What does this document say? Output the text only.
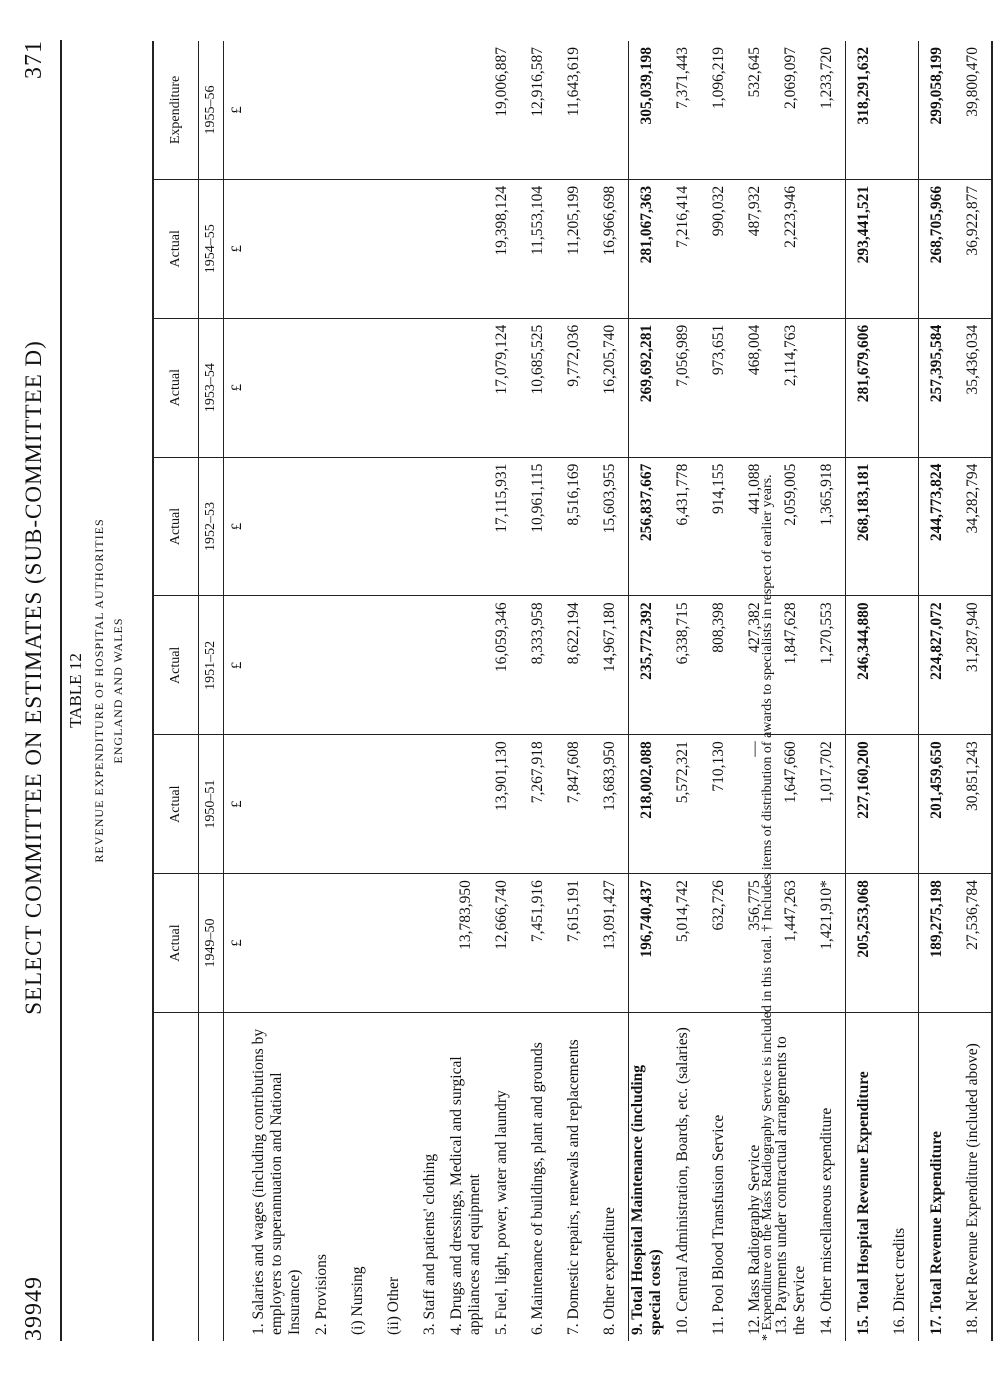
39949
SELECT COMMITTEE ON ESTIMATES (SUB-COMMITTEE D)
371
TABLE 12 REVENUE EXPENDITURE OF HOSPITAL AUTHORITIES ENGLAND AND WALES
	Actual	Actual	Actual	Actual	Actual	Actual	Expenditure
	1949–50	1950–51	1951–52	1952–53	1953–54	1954–55	1955–56
	£	£	£	£	£	£	£
1. Salaries and wages (including contributions by employers to superannuation and National Insurance)							
2. Provisions							
(i) Nursing							
(ii) Other							
3. Staff and patients' clothing							
4. Drugs and dressings, Medical and surgical appliances and equipment	13,783,950						
5. Fuel, light, power, water and laundry	12,666,740	13,901,130	16,059,346	17,115,931	17,079,124	19,398,124	19,006,887
6. Maintenance of buildings, plant and grounds	7,451,916	7,267,918	8,333,958	10,961,115	10,685,525	11,553,104	12,916,587
7. Domestic repairs, renewals and replacements	7,615,191	7,847,608	8,622,194	8,516,169	9,772,036	11,205,199	11,643,619
8. Other expenditure	13,091,427	13,683,950	14,967,180	15,603,955	16,205,740	16,966,698	
9. Total Hospital Maintenance (including special costs)	196,740,437	218,002,088	235,772,392	256,837,667	269,692,281	281,067,363	305,039,198
10. Central Administration, Boards, etc. (salaries)	5,014,742	5,572,321	6,338,715	6,431,778	7,056,989	7,216,414	7,371,443
11. Pool Blood Transfusion Service	632,726	710,130	808,398	914,155	973,651	990,032	1,096,219
12. Mass Radiography Service	356,775	—	427,382	441,088	468,004	487,932	532,645
13. Payments under contractual arrangements to the Service	1,447,263	1,647,660	1,847,628	2,059,005	2,114,763	2,223,946	2,069,097
14. Other miscellaneous expenditure	1,421,910*	1,017,702	1,270,553	1,365,918			1,233,720
15. Total Hospital Revenue Expenditure	205,253,068	227,160,200	246,344,880	268,183,181	281,679,606	293,441,521	318,291,632
16. Direct credits							
17. Total Revenue Expenditure	189,275,198	201,459,650	224,827,072	244,773,824	257,395,584	268,705,966	299,058,199
18. Net Revenue Expenditure (included above)	27,536,784	30,851,243	31,287,940	34,282,794	35,436,034	36,922,877	39,800,470

* Expenditure on the Mass Radiography Service is included in this total. † Includes items of distribution of awards to specialists in respect of earlier years.
